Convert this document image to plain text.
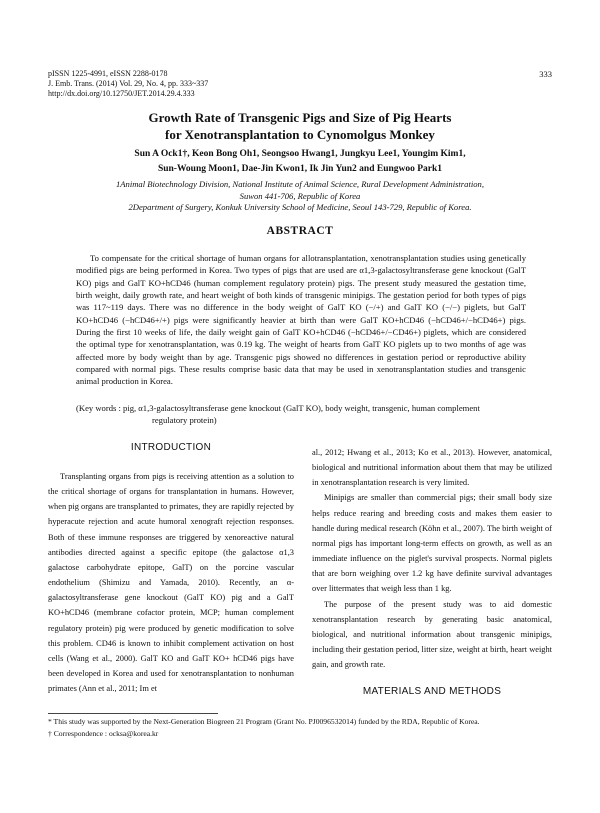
pISSN 1225-4991, eISSN 2288-0178
J. Emb. Trans. (2014) Vol. 29, No. 4, pp. 333~337
http://dx.doi.org/10.12750/JET.2014.29.4.333
333
Growth Rate of Transgenic Pigs and Size of Pig Hearts
for Xenotransplantation to Cynomolgus Monkey
Sun A Ock1†, Keon Bong Oh1, Seongsoo Hwang1, Jungkyu Lee1, Youngim Kim1,
Sun-Woung Moon1, Dae-Jin Kwon1, Ik Jin Yun2 and Eungwoo Park1
1Animal Biotechnology Division, National Institute of Animal Science, Rural Development Administration,
Suwon 441-706, Republic of Korea
2Department of Surgery, Konkuk University School of Medicine, Seoul 143-729, Republic of Korea.
ABSTRACT

To compensate for the critical shortage of human organs for allotransplantation, xenotransplantation studies using genetically modified pigs are being performed in Korea. Two types of pigs that are used are α1,3-galactosyltransferase gene knockout (GalT KO) pigs and GalT KO+hCD46 (human complement regulatory protein) pigs. The present study measured the gestation time, birth weight, daily growth rate, and heart weight of both kinds of transgenic minipigs. The gestation period for both types of pigs was 117~119 days. There was no difference in the body weight of GalT KO (−/+) and GalT KO (−/−) piglets, but GalT KO+hCD46 (−hCD46+/+) pigs were significantly heavier at birth than were GalT KO+hCD46 (−hCD46+/−hCD46+) pigs. During the first 10 weeks of life, the daily weight gain of GalT KO+hCD46 (−hCD46+/−CD46+) piglets, which are considered the optimal type for xenotransplantation, was 0.19 kg. The weight of hearts from GalT KO piglets up to two months of age was affected more by body weight than by age. Transgenic pigs showed no differences in gestation period or reproductive ability compared with normal pigs. These results comprise basic data that may be used in xenotransplantation studies and transgenic animal production in Korea.

(Key words : pig, α1,3-galactosyltransferase gene knockout (GalT KO), body weight, transgenic, human complement
regulatory protein)
INTRODUCTION

Transplanting organs from pigs is receiving attention as a solution to the critical shortage of organs for transplantation in humans. However, when pig organs are transplanted to primates, they are rapidly rejected by hyperacute rejection and acute humoral xenograft rejection responses. Both of these immune responses are triggered by xenoreactive natural antibodies directed against a specific epitope (the galactose α1,3 galactose carbohydrate epitope, GalT) on the porcine vascular endothelium (Shimizu and Yamada, 2010). Recently, an α-galactosyltransferase gene knockout (GalT KO) pig and a GalT KO+hCD46 (membrane cofactor protein, MCP; human complement regulatory protein) pig were produced by genetic modification to solve this problem. CD46 is known to inhibit complement activation on host cells (Wang et al., 2000). GalT KO and GalT KO+ hCD46 pigs have been developed in Korea and used for xenotransplantation to nonhuman primates (Ann et al., 2011; Im et

al., 2012; Hwang et al., 2013; Ko et al., 2013). However, anatomical, biological and nutritional information about them that may be utilized in xenotransplantation research is very limited.

Minipigs are smaller than commercial pigs; their small body size helps reduce rearing and breeding costs and makes them easier to handle during medical research (Köhn et al., 2007). The birth weight of normal pigs has important long-term effects on growth, as well as an immediate influence on the piglet's survival prospects. Normal piglets that are born weighing over 1.2 kg have definite survival advantages over littermates that weigh less than 1 kg.

The purpose of the present study was to aid domestic xenotransplantation research by generating basic anatomical, biological, and nutritional information about transgenic minipigs, including their gestation period, litter size, weight at birth, heart weight gain, and growth rate.

MATERIALS AND METHODS
* This study was supported by the Next-Generation Biogreen 21 Program (Grant No. PJ0096532014) funded by the RDA, Republic of Korea.
† Correspondence : ocksa@korea.kr
